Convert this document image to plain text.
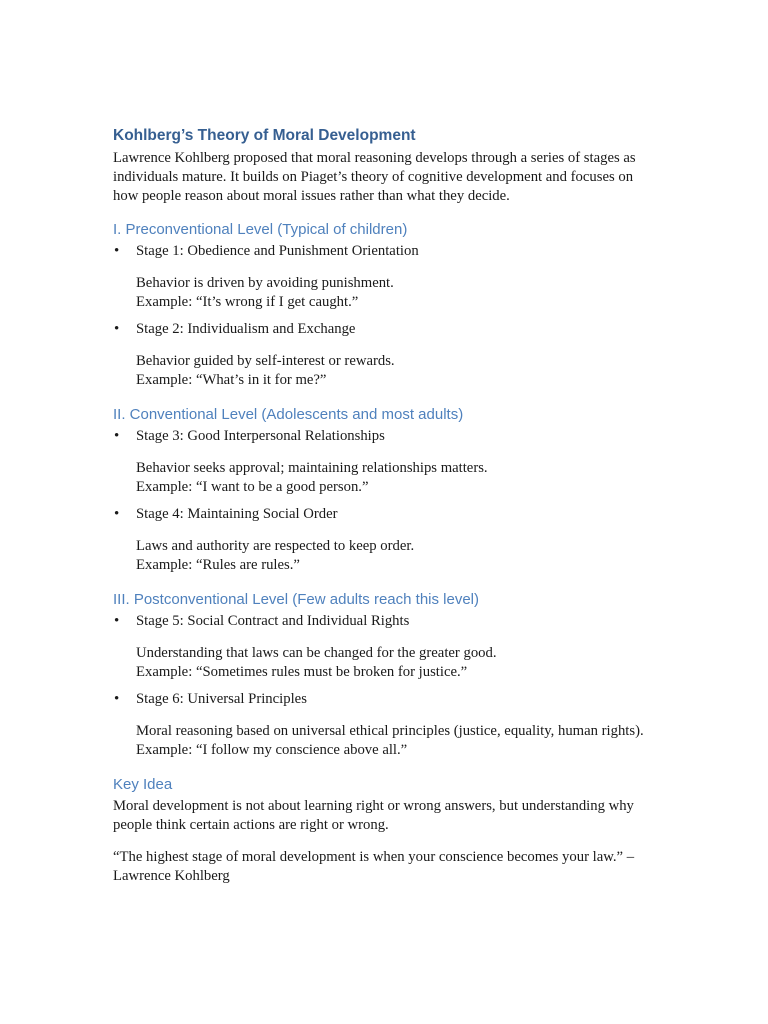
Kohlberg’s Theory of Moral Development
Lawrence Kohlberg proposed that moral reasoning develops through a series of stages as
individuals mature. It builds on Piaget’s theory of cognitive development and focuses on
how people reason about moral issues rather than what they decide.
I. Preconventional Level (Typical of children)
•
Stage 1: Obedience and Punishment Orientation
Behavior is driven by avoiding punishment.
Example: “It’s wrong if I get caught.”
•
Stage 2: Individualism and Exchange
Behavior guided by self-interest or rewards.
Example: “What’s in it for me?”
II. Conventional Level (Adolescents and most adults)
•
Stage 3: Good Interpersonal Relationships
Behavior seeks approval; maintaining relationships matters.
Example: “I want to be a good person.”
•
Stage 4: Maintaining Social Order
Laws and authority are respected to keep order.
Example: “Rules are rules.”
III. Postconventional Level (Few adults reach this level)
•
Stage 5: Social Contract and Individual Rights
Understanding that laws can be changed for the greater good.
Example: “Sometimes rules must be broken for justice.”
•
Stage 6: Universal Principles
Moral reasoning based on universal ethical principles (justice, equality, human rights).
Example: “I follow my conscience above all.”
Key Idea
Moral development is not about learning right or wrong answers, but understanding why
people think certain actions are right or wrong.
“The highest stage of moral development is when your conscience becomes your law.” –
Lawrence Kohlberg
